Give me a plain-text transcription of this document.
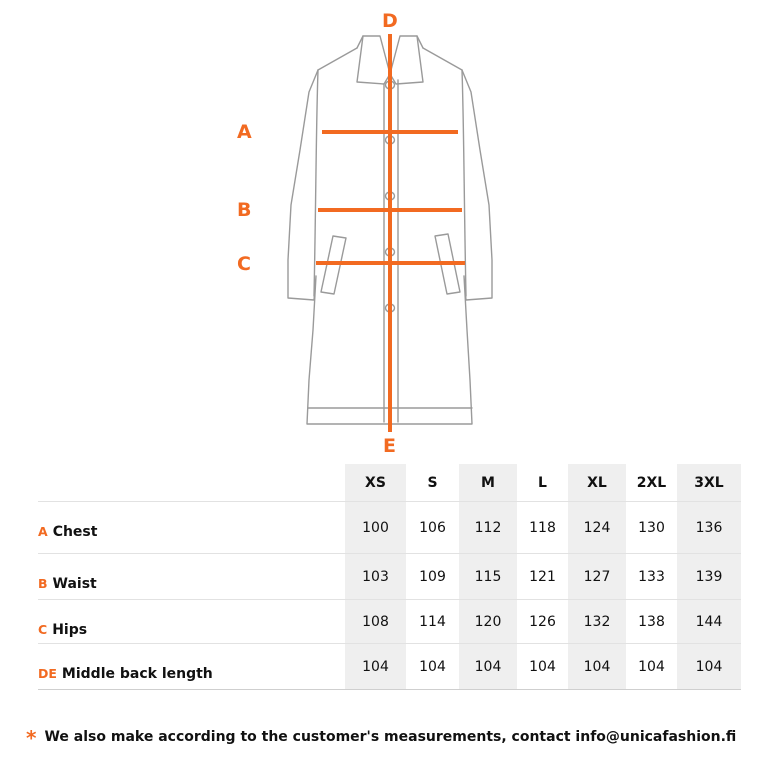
D
A
B
C
E
	XS	S	M	L	XL	2XL	3XL
A Chest	100	106	112	118	124	130	136
B Waist	103	109	115	121	127	133	139
C Hips	108	114	120	126	132	138	144
DE Middle back length	104	104	104	104	104	104	104
* We also make according to the customer's measurements, contact info@unicafashion.fi
